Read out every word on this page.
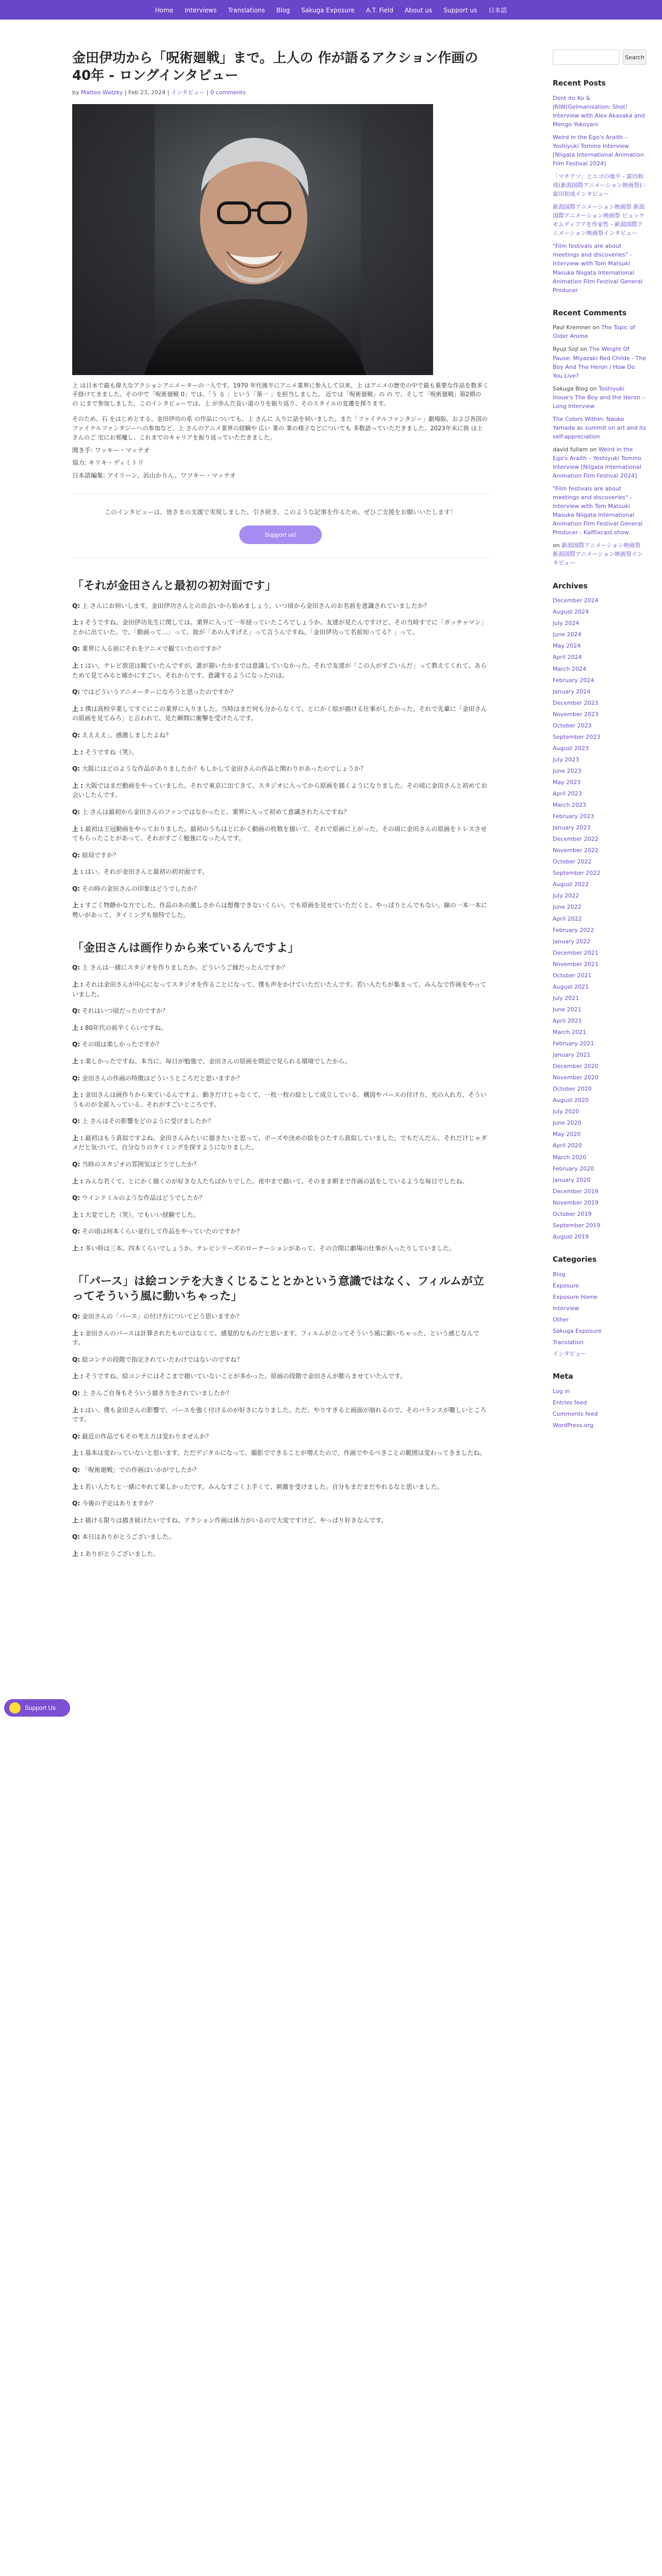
Home Interviews Translations Blog Sakuga Exposure A.T. Field About us Support us 日本語
金田伊功から「呪術廻戦」まで。上人の 作が語るアクション作画の40年 - ロングインタビュー
by Matteo Watzky | Feb 23, 2024 | インタビュー | 0 comments

上 は日本で最も偉大なアクションアニメーターの一人です。1970 年代後半にアニメ業界に参入して以来、上 はアニメの歴史の中で最も重要な作品を数多く手掛けてきました。その中で「呪術廻戦 0」では、「う る 」という「第一 」を担当しました。 近では「呪術廻戦」の の で、そして「呪術廻戦」第2期の の にまで参加しました。このインタビューでは、上 が歩んだ長い道のりを振り返り、そのスタイルの変遷を探ります。

そのため、石 をはじめとする、金田伊功の系 の作品についても、上 さんに 入りに話を伺いました。また「ファイナルファンタジー」劇場版、および各国のファイナルファンタジーへの参加など、上 さんのアニメ業界の経験や 広い 業の 業の様子などについても 多数語っていただきました。2023年末に我 は上 さんのご 宅にお邪魔し、これまでのキャリアを振り返っていただきました。

聞き手: ワッキー・マッテオ

協力: キリキ・ディミトリ

日本語編集: アイリーン、浜山かりん、ワツキー・マッテオ

このインタビューは、皆さまの支援で実現しました。引き続き、このような記事を作るため、ぜひご支援をお願いいたします！

Support us!
「それが金田さんと最初の初対面です」

Q: 上 さんにお伺いします。金田伊功さんとの出会いから始めましょう。いつ頃から金田さんのお名前を意識されていましたか？

上 : そうですね。金田伊功先生に関しては、業界に入って一年経っていたころでしょうか。友達が見たんですけど、その当時すでに「ガッチャマン」とかに出ていた。で、「動画って…」って、彼が「あの人すげえ」って言うんですね。「金田伊功って名前知ってる？」って。

Q: 業界に入る前にそれをアニメで観ていたのですか？

上 : はい。テレビ放送は観ていたんですが、誰が描いたかまでは意識していなかった。それで友達が「この人がすごいんだ」って教えてくれて、あらためて見てみると確かにすごい。それからです、意識するようになったのは。

Q: ではどういうアニメーターになろうと思ったのですか？

上 : 僕は高校卒業してすぐにこの業界に入りました。当時はまだ何も分からなくて、とにかく絵が描ける仕事がしたかった。それで先輩に「金田さんの原画を見てみろ」と言われて、見た瞬間に衝撃を受けたんです。

Q: ええええ」、感激しましたよね？

上 : そうですね（笑）。

Q: 大阪にはどのような作品がありましたか？もしかして金田さんの作品と関わりがあったのでしょうか？

上 : 大阪ではまだ動画をやっていました。それで東京に出てきて、スタジオに入ってから原画を描くようになりました。その頃に金田さんと初めてお会いしたんです。

Q: 上 さんは最初から金田さんのファンではなかったと。業界に入って初めて意識されたんですね？

上 : 最初は王冠動画をやっておりました。最初のうちはとにかく動画の枚数を描いて、それで原画に上がった。その頃に金田さんの原画をトレスさせてもらったことがあって、それがすごく勉強になったんです。

Q: 結局ですか？

上 : はい。それが金田さんと最初の初対面です。

Q: その時の金田さんの印象はどうでしたか？

上 : すごく物静かな方でした。作品のあの激しさからは想像できないくらい。でも原画を見せていただくと、やっぱりとんでもない。線の一本一本に勢いがあって、タイミングも独特でした。

「金田さんは画作りから来ているんですよ」

Q: 上 さんは一緒にスタジオを作りましたか。どういうご縁だったんですか？

上 : それは金田さんが中心になってスタジオを作ることになって、僕も声をかけていただいたんです。若い人たちが集まって、みんなで作画をやっていました。

Q: それはいつ頃だったのですか？

上 : 80年代の前半くらいですね。

Q: その頃は楽しかったですか？

上 : 楽しかったですね。本当に。毎日が勉強で、金田さんの原画を間近で見られる環境でしたから。

Q: 金田さんの作画の特徴はどういうところだと思いますか？

上 : 金田さんは画作りから来ているんですよ。動きだけじゃなくて、一枚一枚の絵として成立している。構図やパースの付け方、光の入れ方、そういうものが全部入っている。それがすごいところです。

Q: 上 さんはその影響をどのように受けましたか？

上 : 最初はもう真似ですよね。金田さんみたいに描きたいと思って、ポーズや決めの絵をひたすら真似していました。でもだんだん、それだけじゃダメだと気づいて、自分なりのタイミングを探すようになりました。

Q: 当時のスタジオの雰囲気はどうでしたか？

上 : みんな若くて、とにかく描くのが好きな人たちばかりでした。夜中まで描いて、そのまま朝まで作画の話をしているような毎日でしたね。

Q: ウインドミルのような作品はどうでしたか？

上 : 大変でした（笑）。でもいい経験でした。

Q: その頃は何本くらい並行して作品をやっていたのですか？

上 : 多い時は三本、四本くらいでしょうか。テレビシリーズのローテーションがあって、その合間に劇場の仕事が入ったりしていました。

「「パース」は絵コンテを大きくじることとかという意識ではなく、フィルムが立ってそういう風に動いちゃった」

Q: 金田さんの「パース」の付け方についてどう思いますか？

上 : 金田さんのパースは計算されたものではなくて、感覚的なものだと思います。フィルムが立ってそういう風に動いちゃった、という感じなんです。

Q: 絵コンテの段階で指定されていたわけではないのですね？

上 : そうですね。絵コンテにはそこまで描いていないことが多かった。原画の段階で金田さんが膨らませていたんです。

Q: 上 さんご自身もそういう描き方をされていましたか？

上 : はい。僕も金田さんの影響で、パースを強く付けるのが好きになりました。ただ、やりすぎると画面が崩れるので、そのバランスが難しいところです。

Q: 最近の作品でもその考え方は変わりませんか？

上 : 基本は変わっていないと思います。ただデジタルになって、撮影でできることが増えたので、作画でやるべきことの範囲は変わってきましたね。

Q: 「呪術廻戦」での作画はいかがでしたか？

上 : 若い人たちと一緒にやれて楽しかったです。みんなすごく上手くて、刺激を受けました。自分もまだまだやれるなと思いました。

Q: 今後の予定はありますか？

上 : 描ける限りは描き続けたいですね。アクション作画は体力がいるので大変ですけど、やっぱり好きなんです。

Q: 本日はありがとうございました。

上 : ありがとうございました。

Search
Recent Posts
Dont ito Ko & JRIW(Gelmanisation: Shot! Interview with Alex Akasaka and Mengo Yokoyani
Weird in the Ego's Araith – Yoshiyuki Tomino Interview [Niigata International Animation Film Festival 2024]
「マチアソ」とエゴの地平 - 富田和成(新潟国際アニメーション映画祭) - 富田和成インタビュー
新潟国際アニメーション映画祭 新潟国際アニメーション映画祭 ビュッケモムディフアを作家性 - 新潟国際アニメーション映画祭インタビュー
"Film festivals are about meetings and discoveries" - Interview with Tom Matsuki Masuka Niigata International Animation Film Festival General Producer
Recent Comments
Paul Kremner on The Topic of Older Anime
Ryuji Sojl on The Weight Of Pause: Miyazaki Red Childe - The Boy And The Heron / How Do You Live?
Sakuga Blog on Toshiyuki Inoue's The Boy and the Heron – Long Interview
The Colors Within: Naoko Yamada as summit on art and its self-appreciation
david fullam on Weird in the Ego's Araith – Yoshiyuki Tomino Interview [Niigata International Animation Film Festival 2024]
"Film festivals are about meetings and discoveries" - Interview with Tom Matsuki Masuka Niigata International Animation Film Festival General Producer - Kaiflixcast.show
on 新潟国際アニメーション映画祭 新潟国際アニメーション映画祭インタビュー
Archives
December 2024
August 2024
July 2024
June 2024
May 2024
April 2024
March 2024
February 2024
January 2024
December 2023
November 2023
October 2023
September 2023
August 2023
July 2023
June 2023
May 2023
April 2023
March 2023
February 2023
January 2023
December 2022
November 2022
October 2022
September 2022
August 2022
July 2022
June 2022
April 2022
February 2022
January 2022
December 2021
November 2021
October 2021
August 2021
July 2021
June 2021
April 2021
March 2021
February 2021
January 2021
December 2020
November 2020
October 2020
August 2020
July 2020
June 2020
May 2020
April 2020
March 2020
February 2020
January 2020
December 2019
November 2019
October 2019
September 2019
August 2019
Categories
Blog
Exposure
Exposure Home
Interview
Other
Sakuga Exposure
Translation
インタビュー
Meta
Log in
Entries feed
Comments feed
WordPress.org
Support Us
